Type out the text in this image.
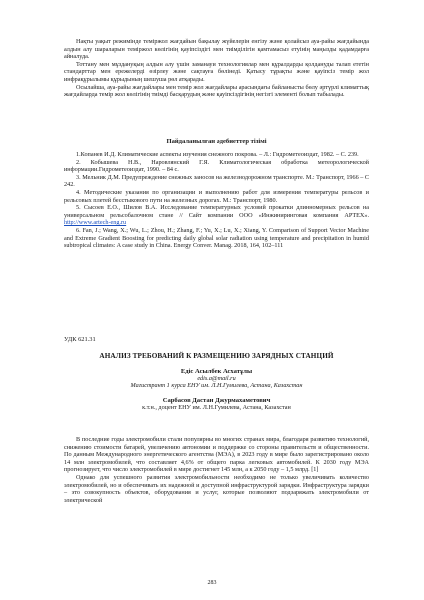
Нақты уақыт режимінде теміржол жағдайын бақылау жүйелерін енгізу және қолайсыз ауа-райы жағдайында алдын алу шараларын теміржол көлігінің қауіпсіздігі мен тиімділігін қамтамасыз етуінің маңызды қадамдарға айналуда.

Тоттану мен мұздануқың алдын алу үшін заманауи технологиялар мен құралдарды қолдануды талап ететін стандарттар мен ережелерді өзірлеу және сақтауға бөлінеді. Қатысу тұрақты және қауіпсіз темір жол инфрақұрылымы құрыдының шешуша рөл атқарады.

Осылайша, ауа-райы жағдайлары мен темір жол жағдайлары арасындағы байланысты бөлу әртүрлі климаттық жағдайларда темір жол көлігінің тиімді басқарудың және қауіпсіздігінің негізгі элементі болып табылады.

Пайдаланылған әдебиеттер тізімі

1.Копанев И.Д. Климатические аспекты изучения снежного покрова. – Л.: Гидрометеоиздат, 1982. – С. 239.

2. Кобышева Н.В., Наровлянский Г.Я. Климатологическая обработка метеорологической информации.Гидрометеоиздат, 1990. – 84 с.

3. Мельник Д.М. Предупреждение снежных заносов на железнодорожном транспорте. М.: Транспорт, 1966 – С 242.

4. Методические указания по организации и выполнению работ для измерения температуры рельсов и рельсовых плетей бесстыкового пути на железных дорогах. М.: Транспорт, 1980.

5. Сысоев Е.О., Шилов В.А. Исследование температурных условий прокатки длинномерных рельсов на универсальном рельсобалочном стане // Сайт компании ООО «Инжиниринговая компания АРТЕХ». http://www.artech-eng.ru

6. Fan, J.; Wang, X.; Wu, L.; Zhou, H.; Zhang, F.; Yu, X.; Lu, X.; Xiang, Y. Comparison of Support Vector Machine and Extreme Gradient Boosting for predicting daily global solar radiation using temperature and precipitation in humid subtropical climates: A case study in China. Energy Conver. Manag. 2018, 164, 102–111

УДК 621.31

АНАЛИЗ ТРЕБОВАНИЙ К РАЗМЕЩЕНИЮ ЗАРЯДНЫХ СТАНЦИЙ
Едіс Асылбек Асхатұлы
edis.a@mail.ru
Магистрант 1 курса ЕНУ им. Л.Н.Гумилева, Астана, Казахстан
Сарбасов Дастан Джурмахаметович
к.т.н., доцент ЕНУ им. Л.Н.Гумилева, Астана, Казахстан

В последние годы электромобили стали популярны во многих странах мира, благодаря развитию технологий, снижению стоимости батарей, увеличению автономии и поддержке со стороны правительств и общественности. По данным Международного энергетического агентства (МЭА), в 2023 году в мире было зарегистрировано около 14 млн электромобилей, что составляет 4,6% от общего парка легковых автомобилей. К 2030 году МЭА прогнозирует, что число электромобилей в мире достигнет 145 млн, а к 2050 году – 1,5 млрд. [1]

Однако для успешного развития электромобильности необходимо не только увеличивать количество электромобилей, но и обеспечивать их надежной и доступной инфраструктурой зарядки. Инфраструктура зарядки – это совокупность объектов, оборудования и услуг, которые позволяют подзаряжать электромобили от электрической

283
